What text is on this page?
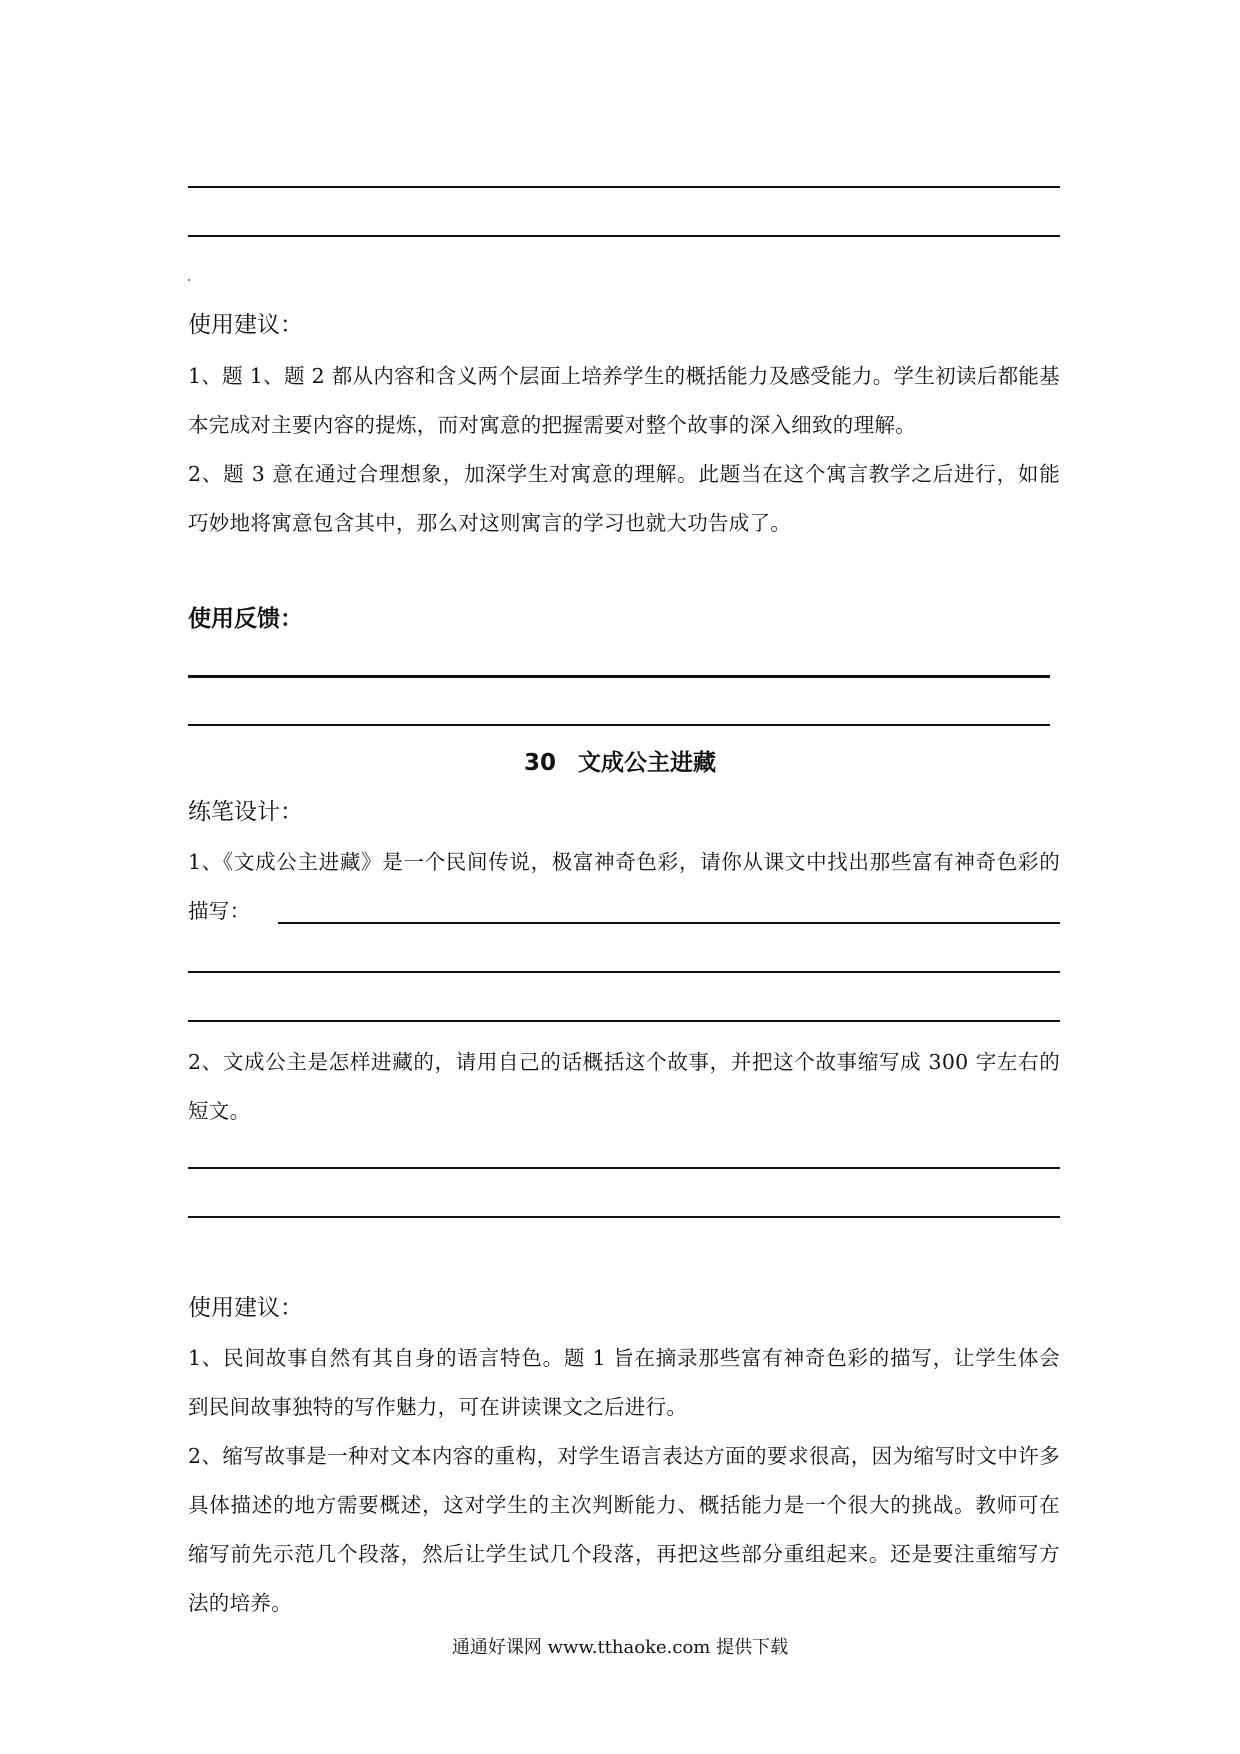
使用建议：

1、题 1、题 2 都从内容和含义两个层面上培养学生的概括能力及感受能力。学生初读后都能基本完成对主要内容的提炼，而对寓意的把握需要对整个故事的深入细致的理解。

2、题 3 意在通过合理想象，加深学生对寓意的理解。此题当在这个寓言教学之后进行，如能巧妙地将寓意包含其中，那么对这则寓言的学习也就大功告成了。

使用反馈：
30 文成公主进藏
练笔设计：

1、《文成公主进藏》是一个民间传说，极富神奇色彩，请你从课文中找出那些富有神奇色彩的描写：

2、文成公主是怎样进藏的，请用自己的话概括这个故事，并把这个故事缩写成 300 字左右的短文。

使用建议：

1、民间故事自然有其自身的语言特色。题 1 旨在摘录那些富有神奇色彩的描写，让学生体会到民间故事独特的写作魅力，可在讲读课文之后进行。

2、缩写故事是一种对文本内容的重构，对学生语言表达方面的要求很高，因为缩写时文中许多具体描述的地方需要概述，这对学生的主次判断能力、概括能力是一个很大的挑战。教师可在缩写前先示范几个段落，然后让学生试几个段落，再把这些部分重组起来。还是要注重缩写方法的培养。

通通好课网 www.tthaoke.com 提供下载
